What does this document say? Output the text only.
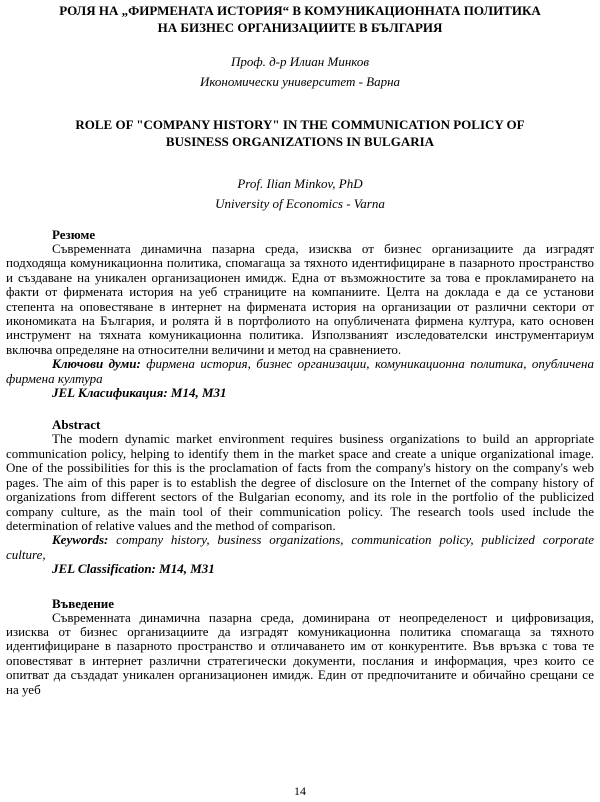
РОЛЯ НА „ФИРМЕНАТА ИСТОРИЯ“ В КОМУНИКАЦИОННАТА ПОЛИТИКА
НА БИЗНЕС ОРГАНИЗАЦИИТЕ В БЪЛГАРИЯ
Проф. д-р Илиан Минков
Икономически университет - Варна
ROLE OF "COMPANY HISTORY" IN THE COMMUNICATION POLICY OF
BUSINESS ORGANIZATIONS IN BULGARIA
Prof. Ilian Minkov, PhD
University of Economics - Varna
Резюме

Съвременната динамична пазарна среда, изисква от бизнес организациите да изградят подходяща комуникационна политика, спомагаща за тяхното идентифициране в пазарното пространство и създаване на уникален организационен имидж. Една от възможностите за това е прокламирането на факти от фирмената история на уеб страниците на компаниите. Целта на доклада е да се установи степента на оповестяване в интернет на фирмената история на организации от различни сектори от икономиката на България, и ролята й в портфолиото на опубличената фирмена култура, като основен инструмент на тяхната комуникационна политика. Използваният изследователски инструментариум включва определяне на относителни величини и метод на сравнението.

Ключови думи: фирмена история, бизнес организации, комуникационна политика, опубличена фирмена култура

JEL Класификация: M14, M31

Abstract

The modern dynamic market environment requires business organizations to build an appropriate communication policy, helping to identify them in the market space and create a unique organizational image. One of the possibilities for this is the proclamation of facts from the company's history on the company's web pages. The aim of this paper is to establish the degree of disclosure on the Internet of the company history of organizations from different sectors of the Bulgarian economy, and its role in the portfolio of the publicized company culture, as the main tool of their communication policy. The research tools used include the determination of relative values and the method of comparison.

Keywords: company history, business organizations, communication policy, publicized corporate culture,

JEL Classification: M14, M31

Въведение

Съвременната динамична пазарна среда, доминирана от неопределеност и цифровизация, изисква от бизнес организациите да изградят комуникационна политика спомагаща за тяхното идентифициране в пазарното пространство и отличаването им от конкурентите. Във връзка с това те оповестяват в интернет различни стратегически документи, послания и информация, чрез които се опитват да създадат уникален организационен имидж. Един от предпочитаните и обичайно срещани се на уеб

14
